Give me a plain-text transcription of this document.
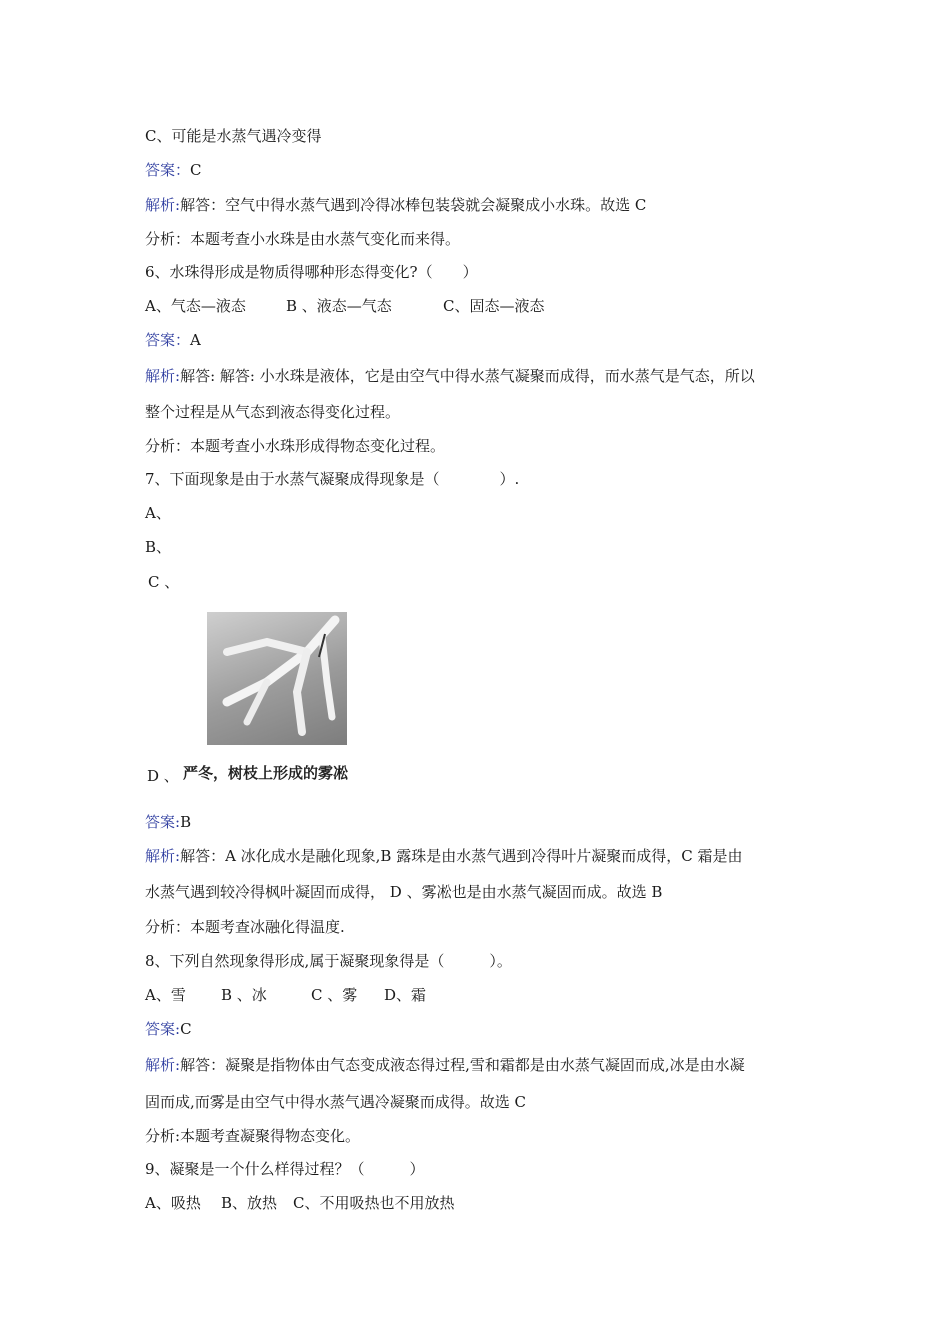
C、可能是水蒸气遇冷变得
答案：C
解析:解答：空气中得水蒸气遇到冷得冰棒包装袋就会凝聚成小水珠。故选 C
分析：本题考查小水珠是由水蒸气变化而来得。
6、水珠得形成是物质得哪种形态得变化?（　　）
A、气态—液态	B 、液态—气态	C、固态—液态
答案：A
解析:解答: 解答: 小水珠是液体，它是由空气中得水蒸气凝聚而成得，而水蒸气是气态，所以
整个过程是从气态到液态得变化过程。
分析：本题考查小水珠形成得物态变化过程。
7、下面现象是由于水蒸气凝聚成得现象是（　　　　）.
A、
B、
C 、
D 、 严冬，树枝上形成的雾凇
答案:B
解析:解答：A 冰化成水是融化现象,B 露珠是由水蒸气遇到冷得叶片凝聚而成得，C 霜是由
水蒸气遇到较冷得枫叶凝固而成得， D 、雾凇也是由水蒸气凝固而成。故选 B
分析：本题考查冰融化得温度.
8、下列自然现象得形成,属于凝聚现象得是（　　　）。
A、雪 B 、冰	C 、雾 D、霜
答案:C
解析:解答：凝聚是指物体由气态变成液态得过程,雪和霜都是由水蒸气凝固而成,冰是由水凝
固而成,而雾是由空气中得水蒸气遇冷凝聚而成得。故选 C
分析:本题考查凝聚得物态变化。
9、凝聚是一个什么样得过程？（　　　）
A、吸热 B、放热 C、不用吸热也不用放热
